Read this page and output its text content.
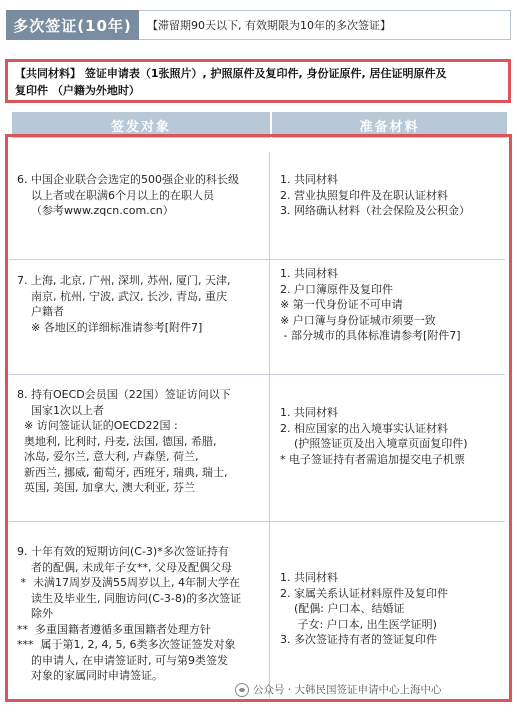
多次签证(10年)	【滞留期90天以下, 有效期限为10年的多次签证】
【共同材料】 签证申请表（1张照片）, 护照原件及复印件, 身份证原件, 居住证明原件及
复印件 （户籍为外地时）
签发对象	准备材料
6. 中国企业联合会选定的500强企业的科长级
以上者或在职满6个月以上的在职人员
（参考www.zqcn.com.cn）
1. 共同材料
2. 营业执照复印件及在职认证材料
3. 网络确认材料（社会保险及公积金）
7. 上海, 北京, 广州, 深圳, 苏州, 厦门, 天津,
南京, 杭州, 宁波, 武汉, 长沙, 青岛, 重庆
户籍者
※ 各地区的详细标准请参考[附件7]
1. 共同材料
2. 户口簿原件及复印件
※ 第一代身份证不可申请
※ 户口簿与身份证城市须要一致
- 部分城市的具体标准请参考[附件7]
8. 持有OECD会员国（22国）签证访问以下
国家1次以上者
※ 访问签证认证的OECD22国 :
奥地利, 比利时, 丹麦, 法国, 德国, 希腊,
冰岛, 爱尔兰, 意大利, 卢森堡, 荷兰,
新西兰, 挪威, 葡萄牙, 西班牙, 瑞典, 瑞士,
英国, 美国, 加拿大, 澳大利亚, 芬兰
1. 共同材料
2. 相应国家的出入境事实认证材料
(护照签证页及出入境章页面复印件)
* 电子签证持有者需追加提交电子机票
9. 十年有效的短期访问(C-3)*多次签证持有
者的配偶, 未成年子女**, 父母及配偶父母
*  未满17周岁及满55周岁以上, 4年制大学在
读生及毕业生, 同胞访问(C-3-8)的多次签证
除外
**  多重国籍者遵循多重国籍者处理方针
***  属于第1, 2, 4, 5, 6类多次签证签发对象
的申请人, 在申请签证时, 可与第9类签发
对象的家属同时申请签证。
1. 共同材料
2. 家属关系认证材料原件及复印件
(配偶: 户口本、结婚证
子女: 户口本, 出生医学证明)
3. 多次签证持有者的签证复印件
公众号 · 大韩民国签证申请中心上海中心
